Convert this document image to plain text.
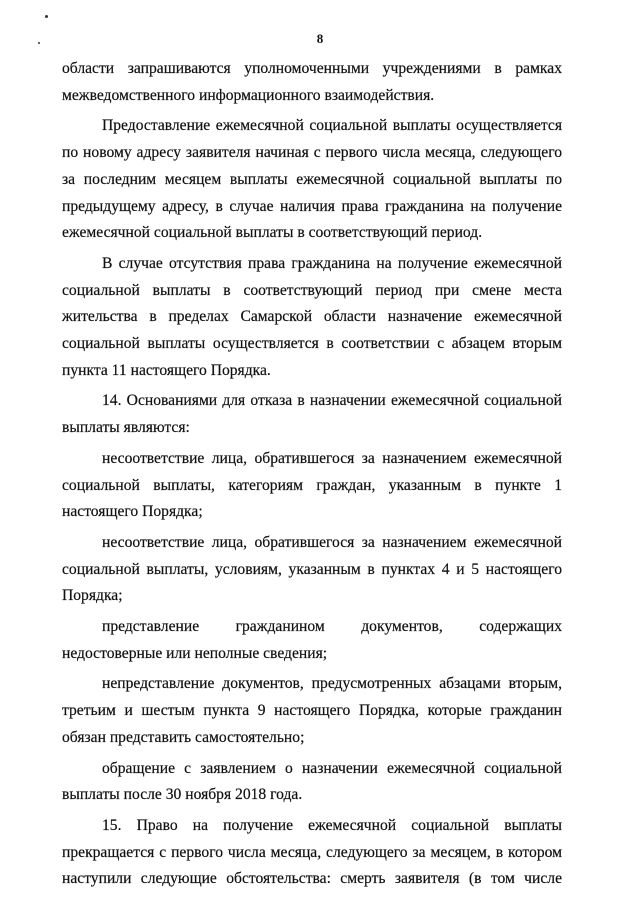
8

области запрашиваются уполномоченными учреждениями в рамках межведомственного информационного взаимодействия.

Предоставление ежемесячной социальной выплаты осуществляется по новому адресу заявителя начиная с первого числа месяца, следующего за последним месяцем выплаты ежемесячной социальной выплаты по предыдущему адресу, в случае наличия права гражданина на получение ежемесячной социальной выплаты в соответствующий период.

В случае отсутствия права гражданина на получение ежемесячной социальной выплаты в соответствующий период при смене места жительства в пределах Самарской области назначение ежемесячной социальной выплаты осуществляется в соответствии с абзацем вторым пункта 11 настоящего Порядка.

14. Основаниями для отказа в назначении ежемесячной социальной выплаты являются:

несоответствие лица, обратившегося за назначением ежемесячной социальной выплаты, категориям граждан, указанным в пункте 1 настоящего Порядка;

несоответствие лица, обратившегося за назначением ежемесячной социальной выплаты, условиям, указанным в пунктах 4 и 5 настоящего Порядка;

представление гражданином документов, содержащих недостоверные или неполные сведения;

непредставление документов, предусмотренных абзацами вторым, третьим и шестым пункта 9 настоящего Порядка, которые гражданин обязан представить самостоятельно;

обращение с заявлением о назначении ежемесячной социальной выплаты после 30 ноября 2018 года.

15. Право на получение ежемесячной социальной выплаты прекращается с первого числа месяца, следующего за месяцем, в котором наступили следующие обстоятельства: смерть заявителя (в том числе
